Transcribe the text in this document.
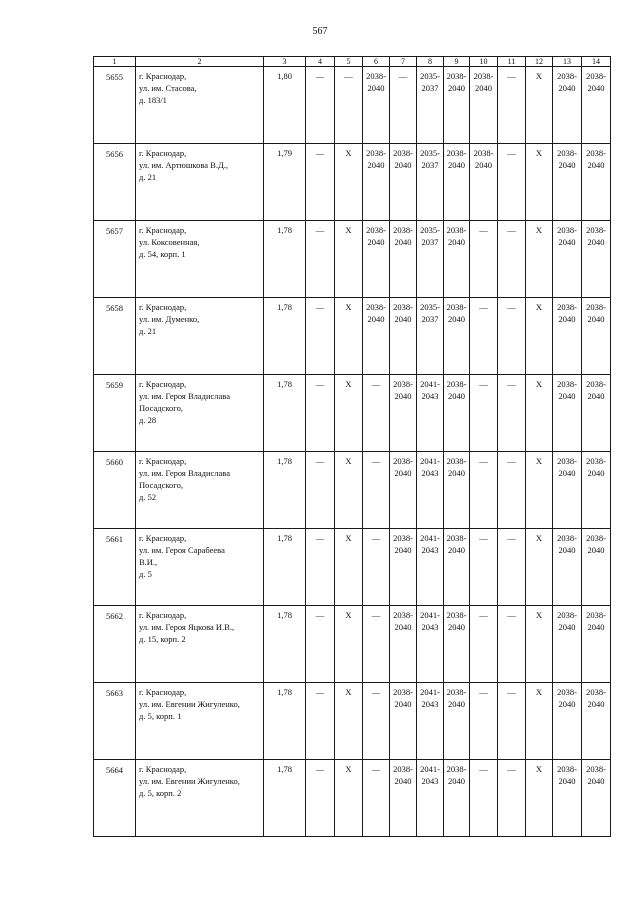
567
1	2	3	4	5	6	7	8	9	10	11	12	13	14
5655	г. Краснодар,
ул. им. Стасова,
д. 183/1	1,80	—	—	2038-
2040	—	2035-
2037	2038-
2040	2038-
2040	—	X	2038-
2040	2038-
2040

5656	г. Краснодар,
ул. им. Артюшкова В.Д.,
д. 21	1,79	—	X	2038-
2040	2038-
2040	2035-
2037	2038-
2040	2038-
2040	—	X	2038-
2040	2038-
2040

5657	г. Краснодар,
ул. Коксовенная,
д. 54, корп. 1	1,78	—	X	2038-
2040	2038-
2040	2035-
2037	2038-
2040	—	—	X	2038-
2040	2038-
2040

5658	г. Краснодар,
ул. им. Думенко,
д. 21	1,78	—	X	2038-
2040	2038-
2040	2035-
2037	2038-
2040	—	—	X	2038-
2040	2038-
2040

5659	г. Краснодар,
ул. им. Героя Владислава
Посадского,
д. 28	1,78	—	X	—	2038-
2040	2041-
2043	2038-
2040	—	—	X	2038-
2040	2038-
2040

5660	г. Краснодар,
ул. им. Героя Владислава
Посадского,
д. 52	1,78	—	X	—	2038-
2040	2041-
2043	2038-
2040	—	—	X	2038-
2040	2038-
2040

5661	г. Краснодар,
ул. им. Героя Сарабеева
В.И.,
д. 5	1,78	—	X	—	2038-
2040	2041-
2043	2038-
2040	—	—	X	2038-
2040	2038-
2040

5662	г. Краснодар,
ул. им. Героя Яцкова И.В.,
д. 15, корп. 2	1,78	—	X	—	2038-
2040	2041-
2043	2038-
2040	—	—	X	2038-
2040	2038-
2040

5663	г. Краснодар,
ул. им. Евгении Жигуленко,
д. 5, корп. 1	1,78	—	X	—	2038-
2040	2041-
2043	2038-
2040	—	—	X	2038-
2040	2038-
2040

5664	г. Краснодар,
ул. им. Евгении Жигуленко,
д. 5, корп. 2	1,78	—	X	—	2038-
2040	2041-
2043	2038-
2040	—	—	X	2038-
2040	2038-
2040
